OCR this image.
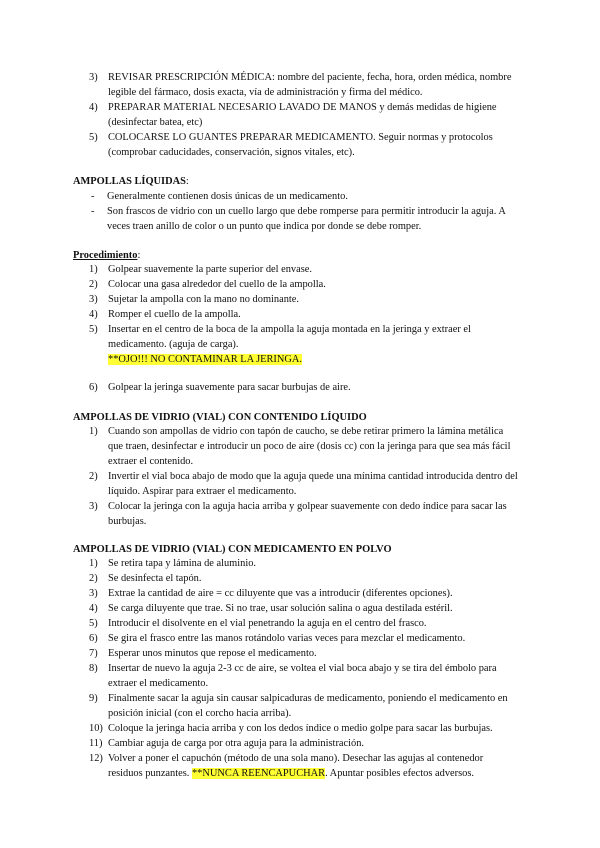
3) REVISAR PRESCRIPCIÓN MÉDICA: nombre del paciente, fecha, hora, orden médica, nombre legible del fármaco, dosis exacta, vía de administración y firma del médico.
4) PREPARAR MATERIAL NECESARIO LAVADO DE MANOS y demás medidas de higiene (desinfectar batea, etc)
5) COLOCARSE LO GUANTES PREPARAR MEDICAMENTO. Seguir normas y protocolos (comprobar caducidades, conservación, signos vitales, etc).
AMPOLLAS LÍQUIDAS:
- Generalmente contienen dosis únicas de un medicamento.
- Son frascos de vidrio con un cuello largo que debe romperse para permitir introducir la aguja. A veces traen anillo de color o un punto que indica por donde se debe romper.
Procedimiento:
1) Golpear suavemente la parte superior del envase.
2) Colocar una gasa alrededor del cuello de la ampolla.
3) Sujetar la ampolla con la mano no dominante.
4) Romper el cuello de la ampolla.
5) Insertar en el centro de la boca de la ampolla la aguja montada en la jeringa y extraer el medicamento. (aguja de carga).
**OJO!!! NO CONTAMINAR LA JERINGA.
6) Golpear la jeringa suavemente para sacar burbujas de aire.
AMPOLLAS DE VIDRIO (VIAL) CON CONTENIDO LÍQUIDO
1) Cuando son ampollas de vidrio con tapón de caucho, se debe retirar primero la lámina metálica que traen, desinfectar e introducir un poco de aire (dosis cc) con la jeringa para que sea más fácil extraer el contenido.
2) Invertir el vial boca abajo de modo que la aguja quede una mínima cantidad introducida dentro del líquido. Aspirar para extraer el medicamento.
3) Colocar la jeringa con la aguja hacia arriba y golpear suavemente con dedo índice para sacar las burbujas.
AMPOLLAS DE VIDRIO (VIAL) CON MEDICAMENTO EN POLVO
1) Se retira tapa y lámina de aluminio.
2) Se desinfecta el tapón.
3) Extrae la cantidad de aire = cc diluyente que vas a introducir (diferentes opciones).
4) Se carga diluyente que trae. Si no trae, usar solución salina o agua destilada estéril.
5) Introducir el disolvente en el vial penetrando la aguja en el centro del frasco.
6) Se gira el frasco entre las manos rotándolo varias veces para mezclar el medicamento.
7) Esperar unos minutos que repose el medicamento.
8) Insertar de nuevo la aguja 2-3 cc de aire, se voltea el vial boca abajo y se tira del émbolo para extraer el medicamento.
9) Finalmente sacar la aguja sin causar salpicaduras de medicamento, poniendo el medicamento en posición inicial (con el corcho hacia arriba).
10) Coloque la jeringa hacia arriba y con los dedos índice o medio golpe para sacar las burbujas.
11) Cambiar aguja de carga por otra aguja para la administración.
12) Volver a poner el capuchón (método de una sola mano). Desechar las agujas al contenedor residuos punzantes. **NUNCA REENCAPUCHAR. Apuntar posibles efectos adversos.
